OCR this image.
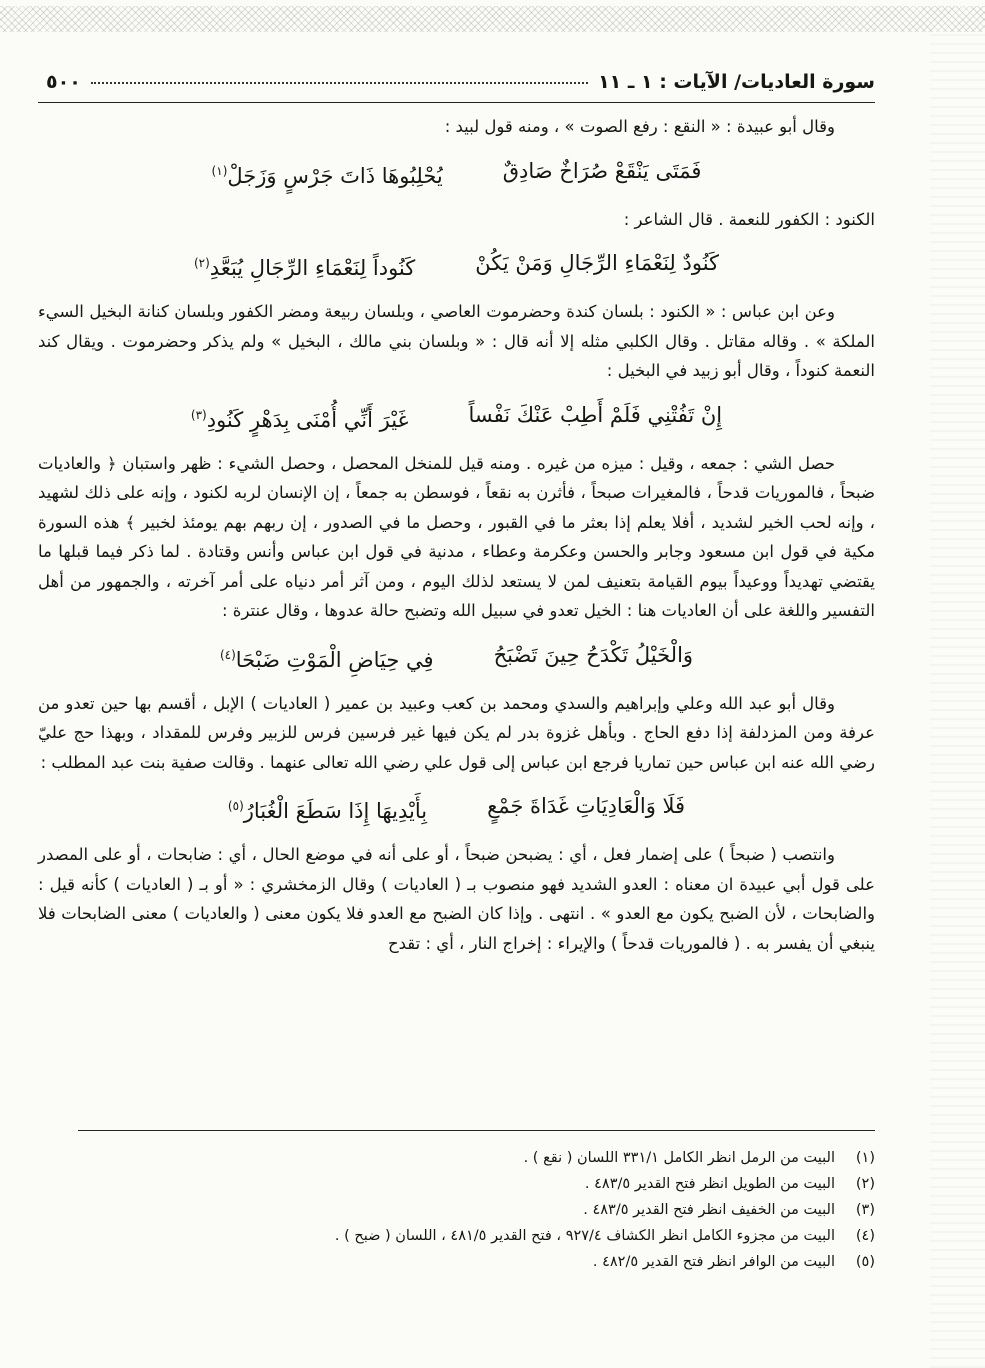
سورة العاديات/ الآيات : ١ ـ ١١
٥٠٠

وقال أبو عبيدة : « النقع : رفع الصوت » ، ومنه قول لبيد :

فَمَتَى يَنْقَعْ صُرَاخٌ صَادِقٌ
يُحْلِبُوهَا ذَاتَ جَرْسٍ وَزَجَلْ$^{(١)}$

الكنود : الكفور للنعمة . قال الشاعر :

كَنُودٌ لِنَعْمَاءِ الرِّجَالِ وَمَنْ يَكُنْ
كَنُوداً لِنَعْمَاءِ الرِّجَالِ يُبَعَّدِ$^{(٢)}$

وعن ابن عباس : « الكنود : بلسان كندة وحضرموت العاصي ، وبلسان ربيعة ومضر الكفور وبلسان كنانة البخيل السيء الملكة » . وقاله مقاتل . وقال الكلبي مثله إلا أنه قال : « وبلسان بني مالك ، البخيل » ولم يذكر وحضرموت . ويقال كند النعمة كنوداً ، وقال أبو زبيد في البخيل :

إِنْ تَفُتْنِي فَلَمْ أَطِبْ عَنْكَ نَفْساً
غَيْرَ أَنِّي أُمْنَى بِدَهْرٍ كَنُودِ$^{(٣)}$

حصل الشي : جمعه ، وقيل : ميزه من غيره . ومنه قيل للمنخل المحصل ، وحصل الشيء : ظهر واستبان ﴿ والعاديات ضبحاً ، فالموريات قدحاً ، فالمغيرات صبحاً ، فأثرن به نقعاً ، فوسطن به جمعاً ، إن الإنسان لربه لكنود ، وإنه على ذلك لشهيد ، وإنه لحب الخير لشديد ، أفلا يعلم إذا بعثر ما في القبور ، وحصل ما في الصدور ، إن ربهم بهم يومئذ لخبير ﴾ هذه السورة مكية في قول ابن مسعود وجابر والحسن وعكرمة وعطاء ، مدنية في قول ابن عباس وأنس وقتادة . لما ذكر فيما قبلها ما يقتضي تهديداً ووعيداً بيوم القيامة بتعنيف لمن لا يستعد لذلك اليوم ، ومن آثر أمر دنياه على أمر آخرته ، والجمهور من أهل التفسير واللغة على أن العاديات هنا : الخيل تعدو في سبيل الله وتضبح حالة عدوها ، وقال عنترة :

وَالْخَيْلُ تَكْدَحُ حِينَ تَضْبَحُ
فِي حِيَاضِ الْمَوْتِ ضَبْحَا$^{(٤)}$

وقال أبو عبد الله وعلي وإبراهيم والسدي ومحمد بن كعب وعبيد بن عمير ( العاديات ) الإبل ، أقسم بها حين تعدو من عرفة ومن المزدلفة إذا دفع الحاج . وبأهل غزوة بدر لم يكن فيها غير فرسين فرس للزبير وفرس للمقداد ، وبهذا حج عليّ رضي الله عنه ابن عباس حين تماريا فرجع ابن عباس إلى قول علي رضي الله تعالى عنهما . وقالت صفية بنت عبد المطلب :

فَلَا وَالْعَادِيَاتِ غَدَاةَ جَمْعٍ
بِأَيْدِيهَا إِذَا سَطَعَ الْغُبَارُ$^{(٥)}$

وانتصب ( ضبحاً ) على إضمار فعل ، أي : يضبحن ضبحاً ، أو على أنه في موضع الحال ، أي : ضابحات ، أو على المصدر على قول أبي عبيدة ان معناه : العدو الشديد فهو منصوب بـ ( العاديات ) وقال الزمخشري : « أو بـ ( العاديات ) كأنه قيل : والضابحات ، لأن الضبح يكون مع العدو » . انتهى . وإذا كان الضبح مع العدو فلا يكون معنى ( والعاديات ) معنى الضابحات فلا ينبغي أن يفسر به . ( فالموريات قدحاً ) والإيراء : إخراج النار ، أي : تقدح

(١)
البيت من الرمل انظر الكامل ٣٣١/١ اللسان ( نقع ) .
(٢)
البيت من الطويل انظر فتح القدير ٤٨٣/٥ .
(٣)
البيت من الخفيف انظر فتح القدير ٤٨٣/٥ .
(٤)
البيت من مجزوء الكامل انظر الكشاف ٩٢٧/٤ ، فتح القدير ٤٨١/٥ ، اللسان ( ضبح ) .
(٥)
البيت من الوافر انظر فتح القدير ٤٨٢/٥ .
